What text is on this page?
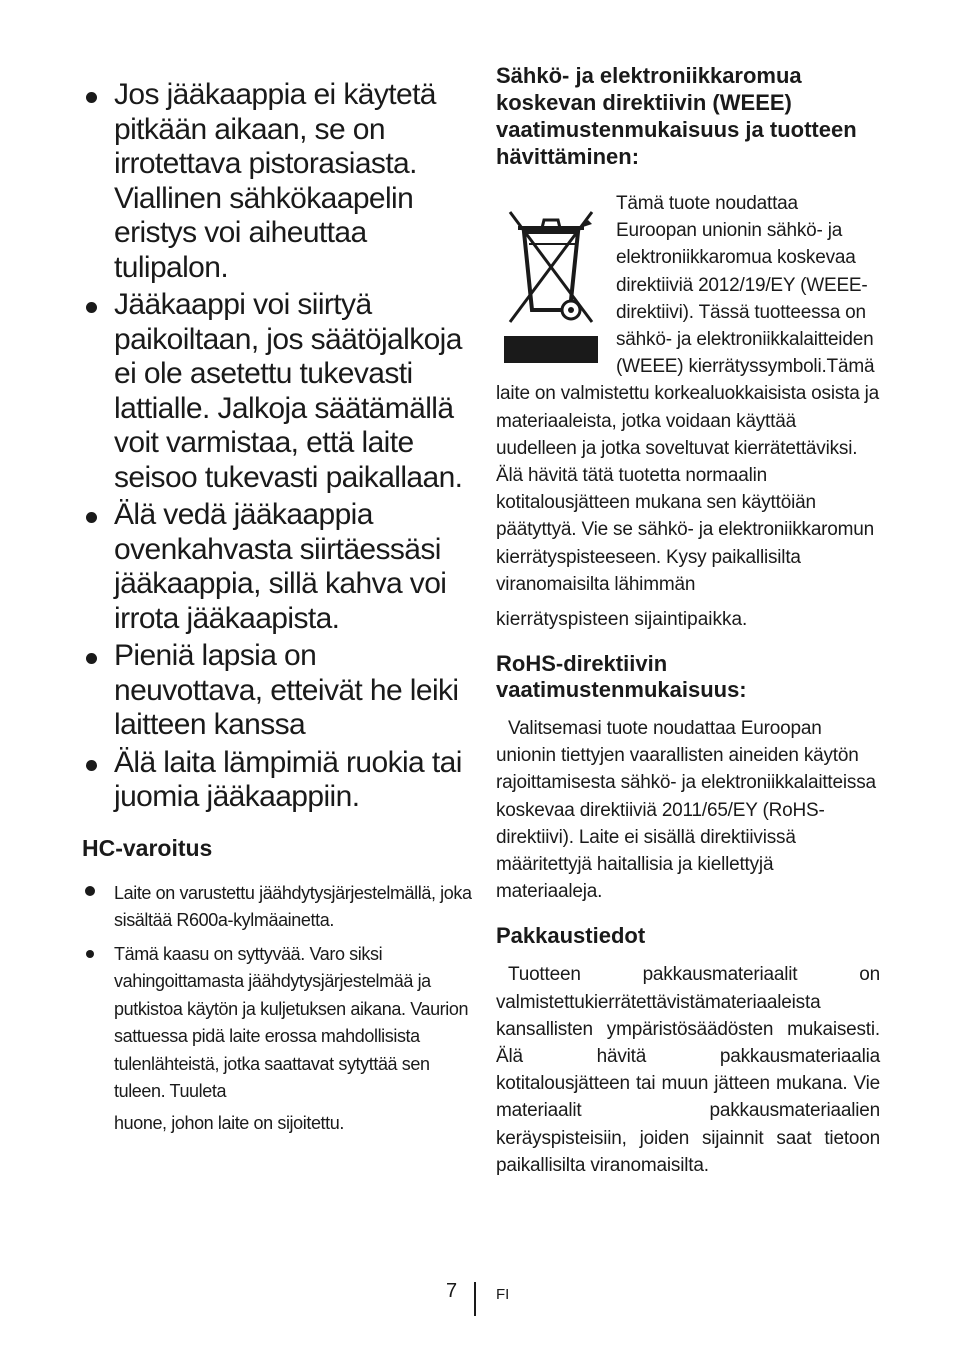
Jos jääkaappia ei käytetä pitkään aikaan, se on irrotettava pistorasiasta. Viallinen sähkökaapelin eristys voi aiheuttaa tulipalon.
Jääkaappi voi siirtyä paikoiltaan, jos säätöjalkoja ei ole asetettu tukevasti lattialle. Jalkoja säätämällä voit varmistaa, että laite seisoo tukevasti paikallaan.
Älä vedä jääkaappia ovenkahvasta siirtäessäsi jääkaappia, sillä kahva voi irrota jääkaapista.
Pieniä lapsia on neuvottava, etteivät he leiki laitteen kanssa
Älä laita lämpimiä ruokia tai juomia jääkaappiin.
HC-varoitus
Laite on varustettu jäähdytysjärjestelmällä, joka sisältää R600a-kylmäainetta.
Tämä kaasu on syttyvää. Varo siksi vahingoittamasta jäähdytysjärjestelmää ja putkistoa käytön ja kuljetuksen aikana. Vaurion sattuessa pidä laite erossa mahdollisista tulenlähteistä, jotka saattavat sytyttää sen tuleen. Tuuleta
huone, johon laite on sijoitettu.
Sähkö- ja elektroniikkaromua koskevan direktiivin (WEEE) vaatimustenmukaisuus ja tuotteen hävittäminen:

Tämä tuote noudattaa Euroopan unionin sähkö- ja elektroniikkaromua koskevaa direktiiviä 2012/19/EY (WEEE-direktiivi). Tässä tuotteessa on sähkö- ja elektroniikkalaitteiden (WEEE) kierrätyssymboli.Tämä laite on valmistettu korkealuokkaisista osista ja materiaaleista, jotka voidaan käyttää uudelleen ja jotka soveltuvat kierrätettäviksi. Älä hävitä tätä tuotetta normaalin kotitalousjätteen mukana sen käyttöiän päätyttyä. Vie se sähkö- ja elektroniikkaromun kierrätyspisteeseen. Kysy paikallisilta viranomaisilta lähimmän

kierrätyspisteen sijaintipaikka.

RoHS-direktiivin vaatimustenmukaisuus:

Valitsemasi tuote noudattaa Euroopan unionin tiettyjen vaarallisten aineiden käytön rajoittamisesta sähkö- ja elektroniikkalaitteissa koskevaa direktiiviä 2011/65/EY (RoHS-direktiivi). Laite ei sisällä direktiivissä määritettyjä haitallisia ja kiellettyjä materiaaleja.

Pakkaustiedot

Tuotteen pakkausmateriaalit on valmistettukierrätettävistämateriaaleista kansallisten ympäristösäädösten mukaisesti. Älä hävitä pakkausmateriaalia kotitalousjätteen tai muun jätteen mukana. Vie materiaalit pakkausmateriaalien keräyspisteisiin, joiden sijainnit saat tietoon paikallisilta viranomaisilta.

7	FI
